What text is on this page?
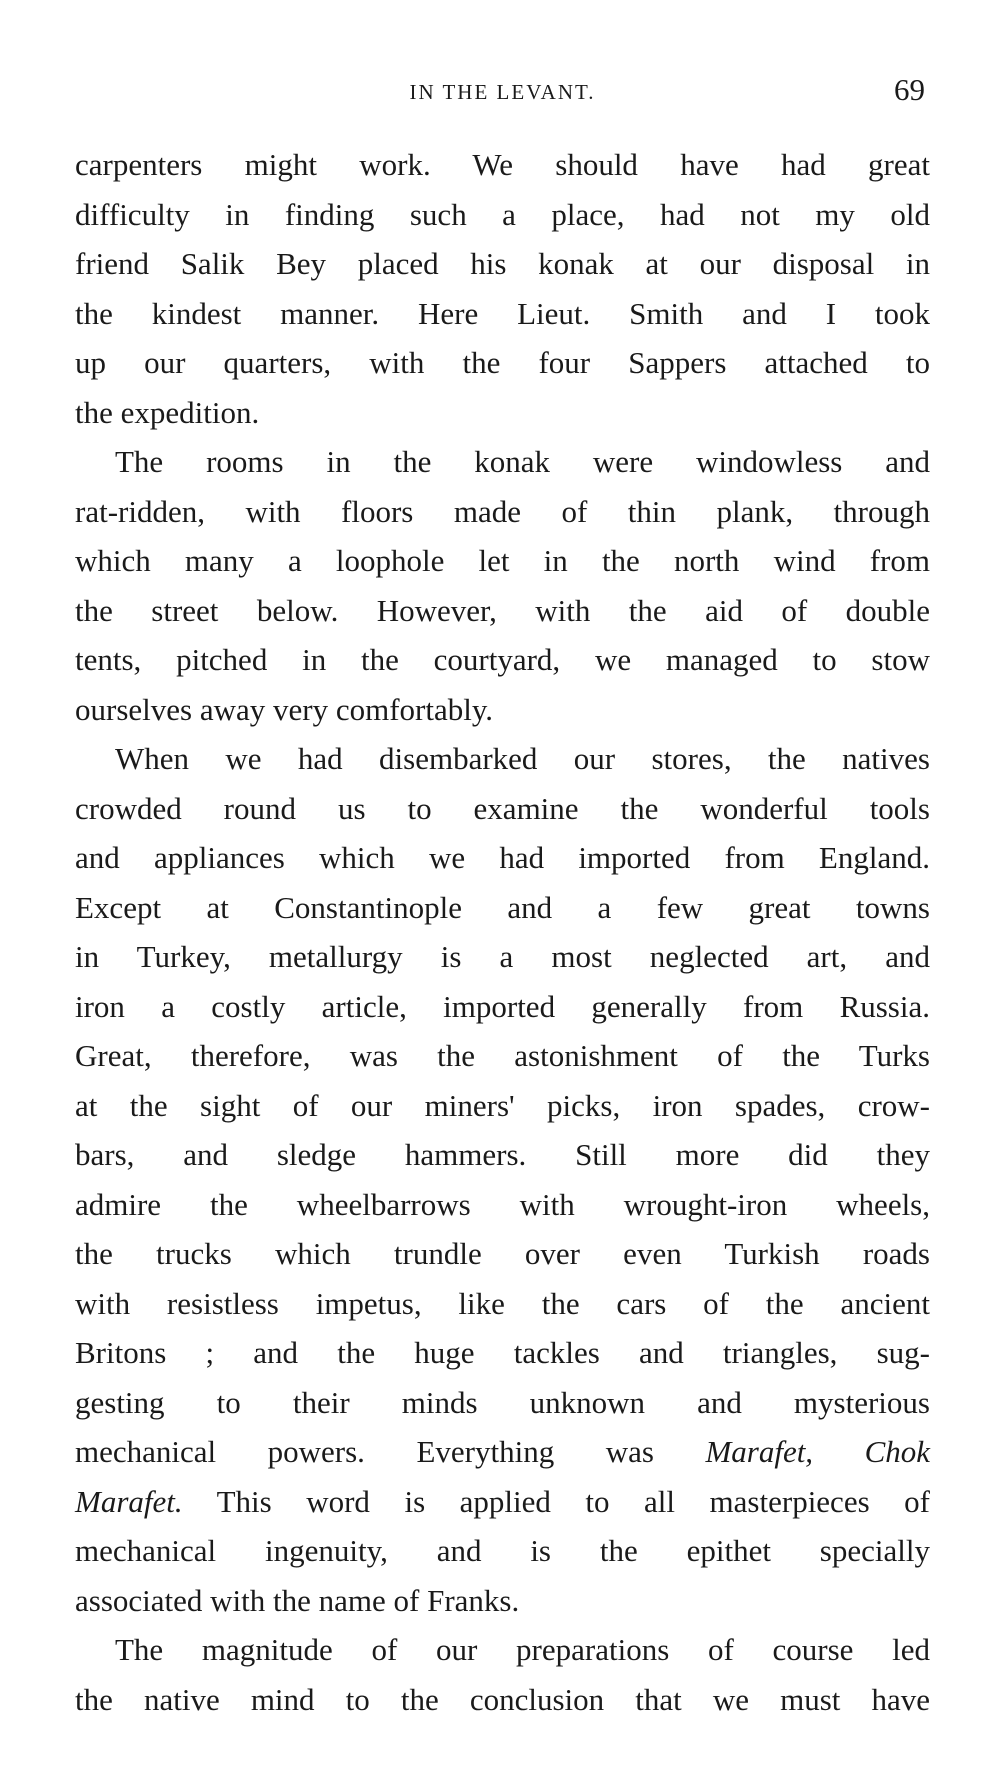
IN THE LEVANT.	69
carpenters might work. We should have had great
difficulty in finding such a place, had not my old
friend Salik Bey placed his konak at our disposal in
the kindest manner. Here Lieut. Smith and I took
up our quarters, with the four Sappers attached to
the expedition.
The rooms in the konak were windowless and
rat-ridden, with floors made of thin plank, through
which many a loophole let in the north wind from
the street below. However, with the aid of double
tents, pitched in the courtyard, we managed to stow
ourselves away very comfortably.
When we had disembarked our stores, the natives
crowded round us to examine the wonderful tools
and appliances which we had imported from England.
Except at Constantinople and a few great towns
in Turkey, metallurgy is a most neglected art, and
iron a costly article, imported generally from Russia.
Great, therefore, was the astonishment of the Turks
at the sight of our miners' picks, iron spades, crow-
bars, and sledge hammers. Still more did they
admire the wheelbarrows with wrought-iron wheels,
the trucks which trundle over even Turkish roads
with resistless impetus, like the cars of the ancient
Britons ; and the huge tackles and triangles, sug-
gesting to their minds unknown and mysterious
mechanical powers. Everything was Marafet, Chok
Marafet. This word is applied to all masterpieces of
mechanical ingenuity, and is the epithet specially
associated with the name of Franks.
The magnitude of our preparations of course led
the native mind to the conclusion that we must have
